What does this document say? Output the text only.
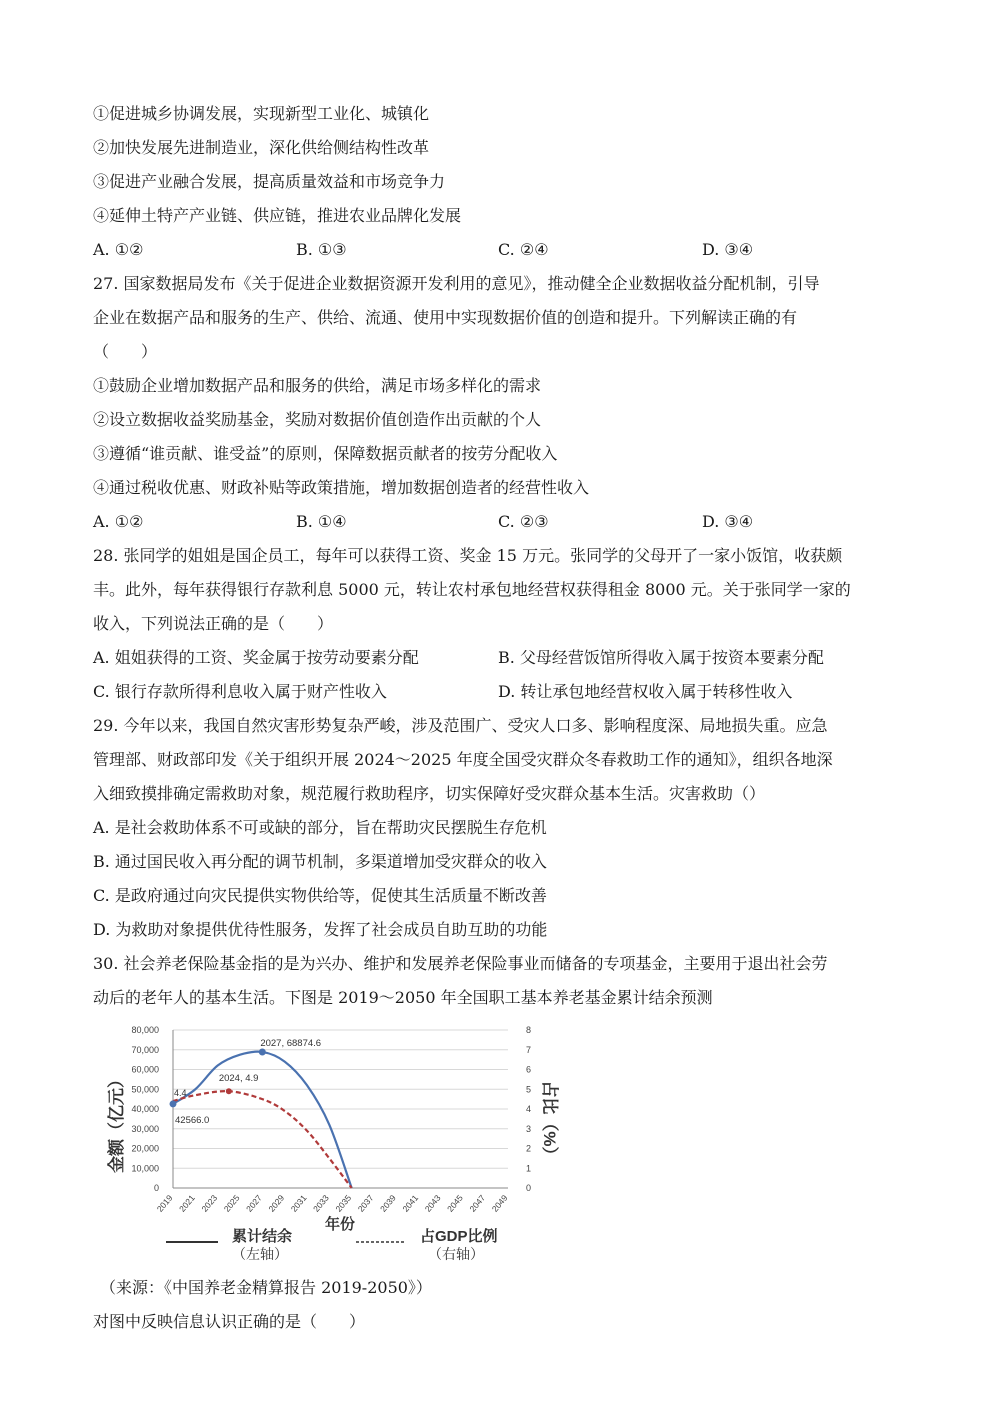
①促进城乡协调发展，实现新型工业化、城镇化
②加快发展先进制造业，深化供给侧结构性改革
③促进产业融合发展，提高质量效益和市场竞争力
④延伸土特产产业链、供应链，推进农业品牌化发展
A. ①②	B. ①③	C. ②④	D. ③④
27. 国家数据局发布《关于促进企业数据资源开发利用的意见》，推动健全企业数据收益分配机制，引导
企业在数据产品和服务的生产、供给、流通、使用中实现数据价值的创造和提升。下列解读正确的有
（　　）
①鼓励企业增加数据产品和服务的供给，满足市场多样化的需求
②设立数据收益奖励基金，奖励对数据价值创造作出贡献的个人
③遵循“谁贡献、谁受益”的原则，保障数据贡献者的按劳分配收入
④通过税收优惠、财政补贴等政策措施，增加数据创造者的经营性收入
A. ①②	B. ①④	C. ②③	D. ③④
28. 张同学的姐姐是国企员工，每年可以获得工资、奖金 15 万元。张同学的父母开了一家小饭馆，收获颇
丰。此外，每年获得银行存款利息 5000 元，转让农村承包地经营权获得租金 8000 元。关于张同学一家的
收入，下列说法正确的是（　　）
A. 姐姐获得的工资、奖金属于按劳动要素分配	B. 父母经营饭馆所得收入属于按资本要素分配
C. 银行存款所得利息收入属于财产性收入	D. 转让承包地经营权收入属于转移性收入
29. 今年以来，我国自然灾害形势复杂严峻，涉及范围广、受灾人口多、影响程度深、局地损失重。应急
管理部、财政部印发《关于组织开展 2024～2025 年度全国受灾群众冬春救助工作的通知》，组织各地深
入细致摸排确定需救助对象，规范履行救助程序，切实保障好受灾群众基本生活。灾害救助（）
A. 是社会救助体系不可或缺的部分，旨在帮助灾民摆脱生存危机
B. 通过国民收入再分配的调节机制，多渠道增加受灾群众的收入
C. 是政府通过向灾民提供实物供给等，促使其生活质量不断改善
D. 为救助对象提供优待性服务，发挥了社会成员自助互助的功能
30. 社会养老保险基金指的是为兴办、维护和发展养老保险事业而储备的专项基金，主要用于退出社会劳
动后的老年人的基本生活。下图是 2019～2050 年全国职工基本养老基金累计结余预测
0
10,000
20,000
30,000
40,000
50,000
60,000
70,000
80,000
0
1
2
3
4
5
6
7
8
2019 2021 2023 2025 2027 2029 2031 2033 2035 2037 2039 2041 2043 2045 2047 2049
2027, 68874.6
2024, 4.9
4.4
42566.0
金额（亿元）	占比（%）
年份
累计结余
（左轴）
占GDP比例
（右轴）
（来源：《中国养老金精算报告 2019-2050》）
对图中反映信息认识正确的是（　　）
